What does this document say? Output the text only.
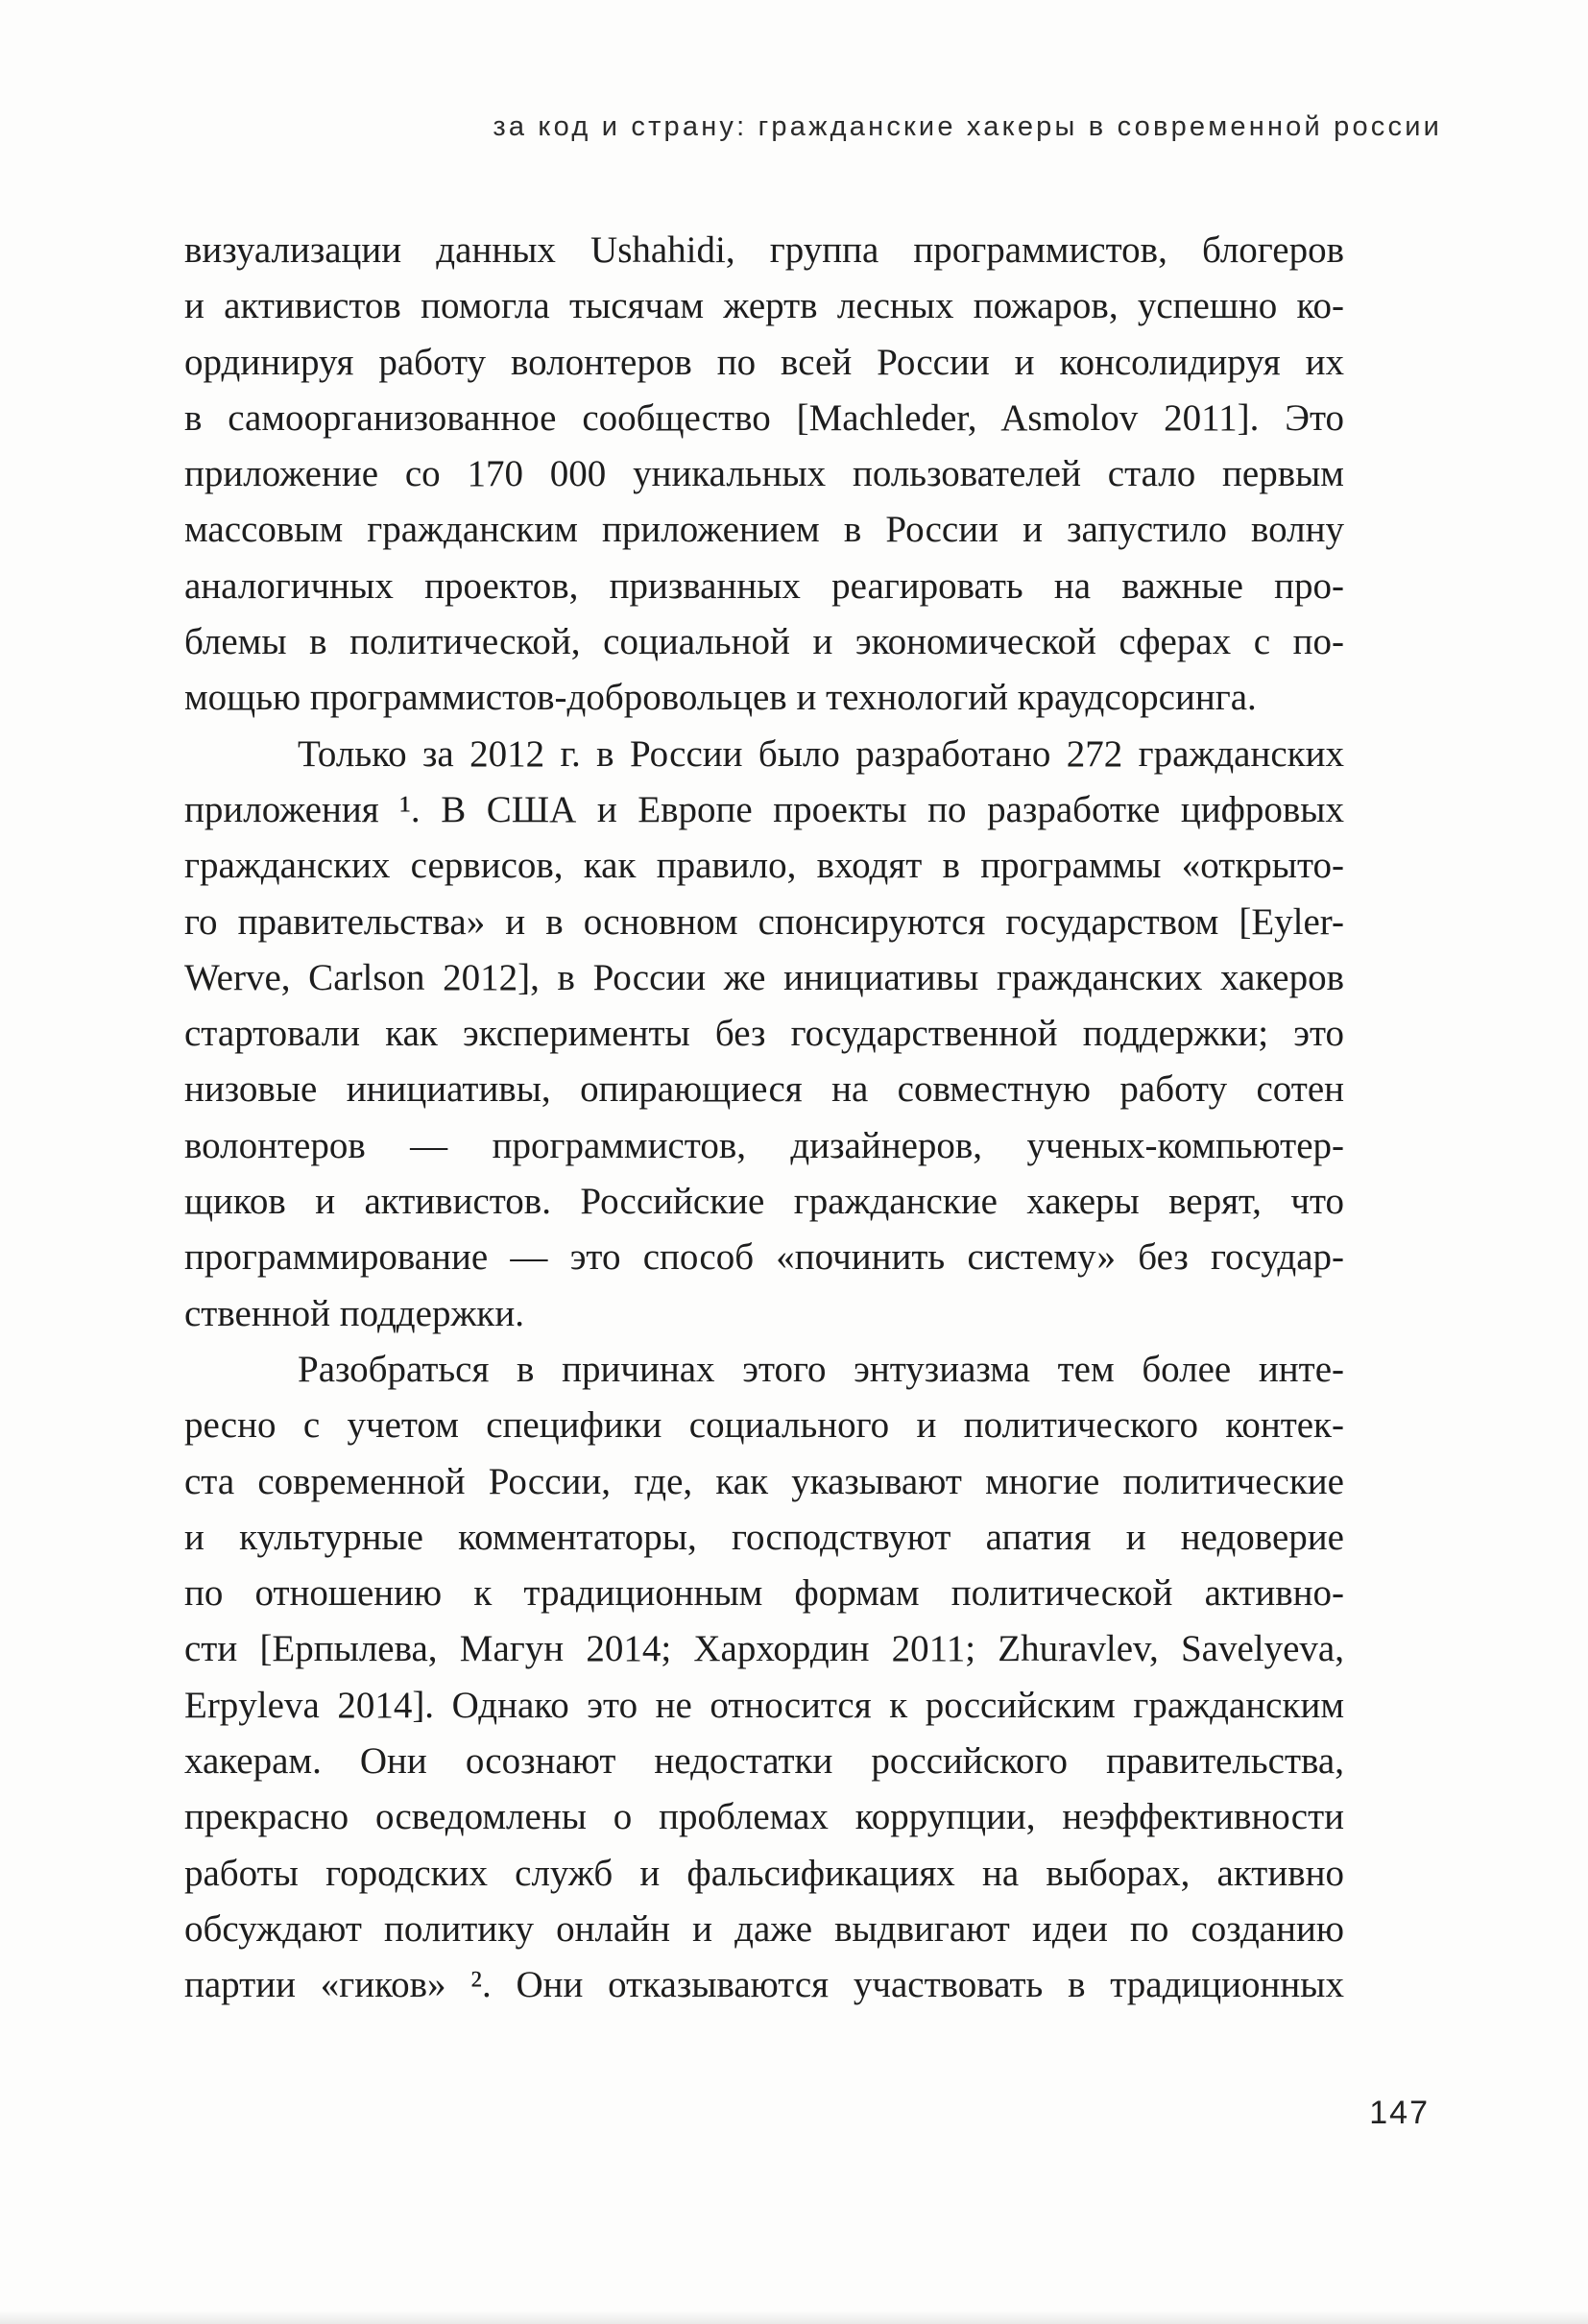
за код и страну: гражданские хакеры в современной россии
визуализации данных Ushahidi, группа программистов, блогеров
и активистов помогла тысячам жертв лесных пожаров, успешно ко-
ординируя работу волонтеров по всей России и консолидируя их
в самоорганизованное сообщество [Machleder, Asmolov 2011]. Это
приложение со 170 000 уникальных пользователей стало первым
массовым гражданским приложением в России и запустило волну
аналогичных проектов, призванных реагировать на важные про-
блемы в политической, социальной и экономической сферах с по-
мощью программистов-добровольцев и технологий краудсорсинга.
Только за 2012 г. в России было разработано 272 гражданских
приложения ¹. В США и Европе проекты по разработке цифровых
гражданских сервисов, как правило, входят в программы «открыто-
го правительства» и в основном спонсируются государством [Eyler-
Werve, Carlson 2012], в России же инициативы гражданских хакеров
стартовали как эксперименты без государственной поддержки; это
низовые инициативы, опирающиеся на совместную работу сотен
волонтеров — программистов, дизайнеров, ученых-компьютер-
щиков и активистов. Российские гражданские хакеры верят, что
программирование — это способ «починить систему» без государ-
ственной поддержки.
Разобраться в причинах этого энтузиазма тем более инте-
ресно с учетом специфики социального и политического контек-
ста современной России, где, как указывают многие политические
и культурные комментаторы, господствуют апатия и недоверие
по отношению к традиционным формам политической активно-
сти [Ерпылева, Магун 2014; Хархордин 2011; Zhuravlev, Savelyeva,
Erpyleva 2014]. Однако это не относится к российским гражданским
хакерам. Они осознают недостатки российского правительства,
прекрасно осведомлены о проблемах коррупции, неэффективности
работы городских служб и фальсификациях на выборах, активно
обсуждают политику онлайн и даже выдвигают идеи по созданию
партии «гиков» ². Они отказываются участвовать в традиционных
147
